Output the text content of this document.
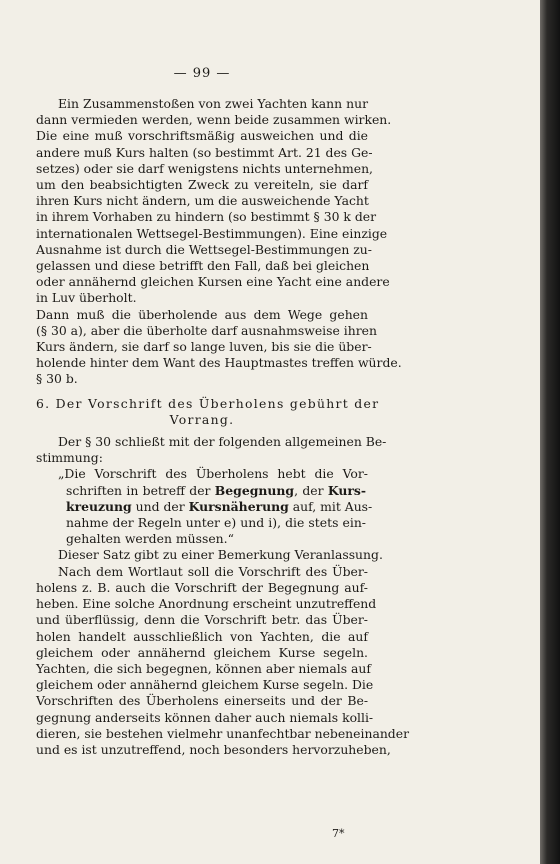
— 99 —
Ein Zusammenstoßen von zwei Yachten kann nur
dann vermieden werden, wenn beide zusammen wirken.
Die eine muß vorschriftsmäßig ausweichen und die
andere muß Kurs halten (so bestimmt Art. 21 des Ge-
setzes) oder sie darf wenigstens nichts unternehmen,
um den beabsichtigten Zweck zu vereiteln, sie darf
ihren Kurs nicht ändern, um die ausweichende Yacht
in ihrem Vorhaben zu hindern (so bestimmt § 30 k der
internationalen Wettsegel-Bestimmungen). Eine einzige
Ausnahme ist durch die Wettsegel-Bestimmungen zu-
gelassen und diese betrifft den Fall, daß bei gleichen
oder annähernd gleichen Kursen eine Yacht eine andere
in Luv überholt.
Dann muß die überholende aus dem Wege gehen
(§ 30 a), aber die überholte darf ausnahmsweise ihren
Kurs ändern, sie darf so lange luven, bis sie die über-
holende hinter dem Want des Hauptmastes treffen würde.
§ 30 b.
6. Der Vorschrift des Überholens gebührt der
Vorrang.
Der § 30 schließt mit der folgenden allgemeinen Be-
stimmung:
„Die Vorschrift des Überholens hebt die Vor-
schriften in betreff der Begegnung, der Kurs-
kreuzung und der Kursnäherung auf, mit Aus-
nahme der Regeln unter e) und i), die stets ein-
gehalten werden müssen.“
Dieser Satz gibt zu einer Bemerkung Veranlassung.
Nach dem Wortlaut soll die Vorschrift des Über-
holens z. B. auch die Vorschrift der Begegnung auf-
heben. Eine solche Anordnung erscheint unzutreffend
und überflüssig, denn die Vorschrift betr. das Über-
holen handelt ausschließlich von Yachten, die auf
gleichem oder annähernd gleichem Kurse segeln.
Yachten, die sich begegnen, können aber niemals auf
gleichem oder annähernd gleichem Kurse segeln. Die
Vorschriften des Überholens einerseits und der Be-
gegnung anderseits können daher auch niemals kolli-
dieren, sie bestehen vielmehr unanfechtbar nebeneinander
und es ist unzutreffend, noch besonders hervorzuheben,
7*
